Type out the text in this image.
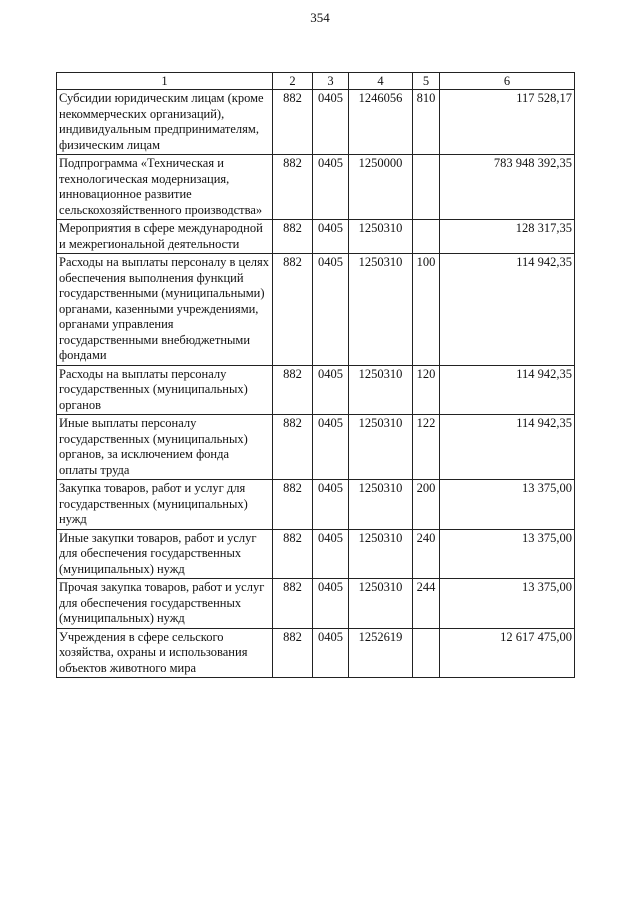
354
1	2	3	4	5	6
Субсидии юридическим лицам (кроме некоммерческих организаций), индивидуальным предпринимателям, физическим лицам	882	0405	1246056	810	117 528,17
Подпрограмма «Техническая и технологическая модернизация, инновационное развитие сельскохозяйственного производства»	882	0405	1250000		783 948 392,35
Мероприятия в сфере международной и межрегиональной деятельности	882	0405	1250310		128 317,35
Расходы на выплаты персоналу в целях обеспечения выполнения функций государственными (муниципальными) органами, казенными учреждениями, органами управления государственными внебюджетными фондами	882	0405	1250310	100	114 942,35
Расходы на выплаты персоналу государственных (муниципальных) органов	882	0405	1250310	120	114 942,35
Иные выплаты персоналу государственных (муниципальных) органов, за исключением фонда оплаты труда	882	0405	1250310	122	114 942,35
Закупка товаров, работ и услуг для государственных (муниципальных) нужд	882	0405	1250310	200	13 375,00
Иные закупки товаров, работ и услуг для обеспечения государственных (муниципальных) нужд	882	0405	1250310	240	13 375,00
Прочая закупка товаров, работ и услуг для обеспечения государственных (муниципальных) нужд	882	0405	1250310	244	13 375,00
Учреждения в сфере сельского хозяйства, охраны и использования объектов животного мира	882	0405	1252619		12 617 475,00
